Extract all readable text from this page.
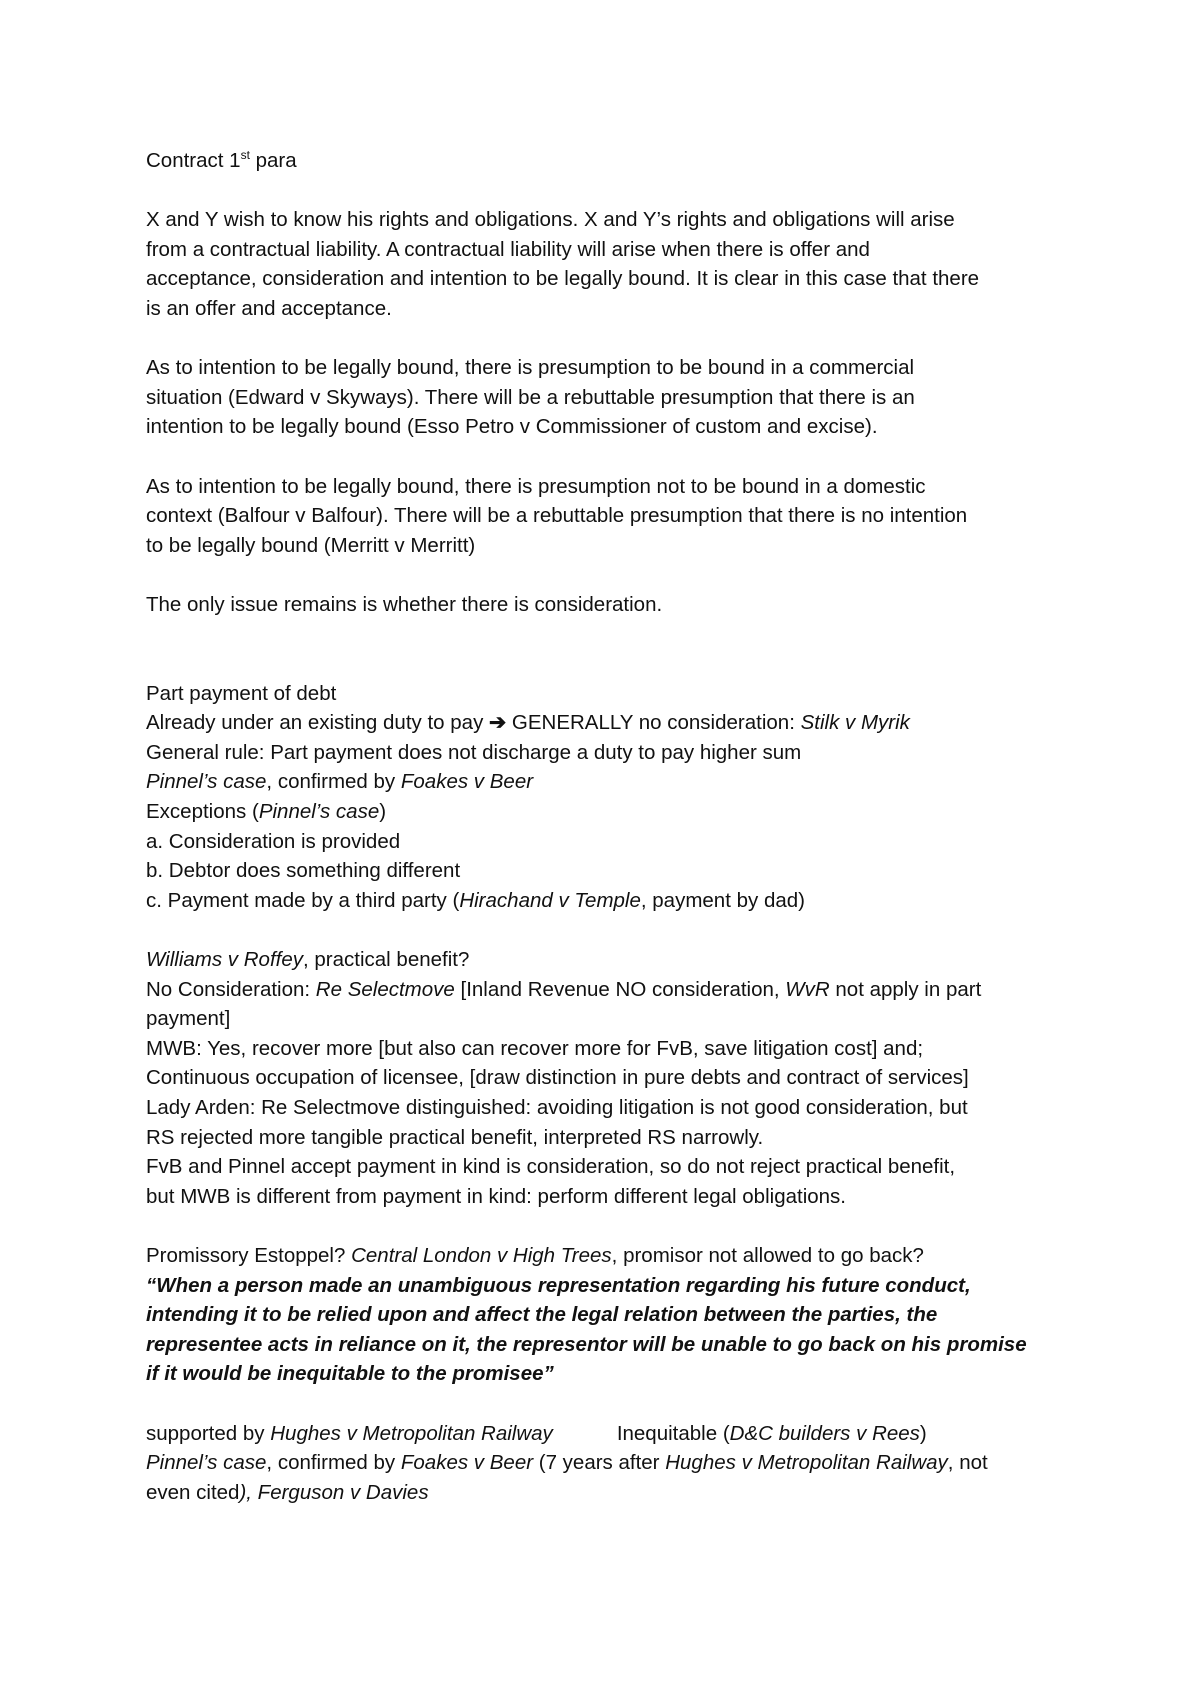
Contract 1st para
X and Y wish to know his rights and obligations. X and Y’s rights and obligations will arise
from a contractual liability. A contractual liability will arise when there is offer and
acceptance, consideration and intention to be legally bound. It is clear in this case that there
is an offer and acceptance.
As to intention to be legally bound, there is presumption to be bound in a commercial
situation (Edward v Skyways). There will be a rebuttable presumption that there is an
intention to be legally bound (Esso Petro v Commissioner of custom and excise).
As to intention to be legally bound, there is presumption not to be bound in a domestic
context (Balfour v Balfour). There will be a rebuttable presumption that there is no intention
to be legally bound (Merritt v Merritt)
The only issue remains is whether there is consideration.
Part payment of debt
Already under an existing duty to pay ➔ GENERALLY no consideration: Stilk v Myrik
General rule: Part payment does not discharge a duty to pay higher sum
Pinnel’s case, confirmed by Foakes v Beer
Exceptions (Pinnel’s case)
a. Consideration is provided
b. Debtor does something different
c. Payment made by a third party (Hirachand v Temple, payment by dad)
Williams v Roffey, practical benefit?
No Consideration: Re Selectmove [Inland Revenue NO consideration, WvR not apply in part
payment]
MWB: Yes, recover more [but also can recover more for FvB, save litigation cost] and;
Continuous occupation of licensee, [draw distinction in pure debts and contract of services]
Lady Arden: Re Selectmove distinguished: avoiding litigation is not good consideration, but
RS rejected more tangible practical benefit, interpreted RS narrowly.
FvB and Pinnel accept payment in kind is consideration, so do not reject practical benefit,
but MWB is different from payment in kind: perform different legal obligations.
Promissory Estoppel? Central London v High Trees, promisor not allowed to go back?
“When a person made an unambiguous representation regarding his future conduct,
intending it to be relied upon and affect the legal relation between the parties, the
representee acts in reliance on it, the representor will be unable to go back on his promise
if it would be inequitable to the promisee”
supported by Hughes v Metropolitan Railway	Inequitable (D&C builders v Rees)
Pinnel’s case, confirmed by Foakes v Beer (7 years after Hughes v Metropolitan Railway, not
even cited), Ferguson v Davies
